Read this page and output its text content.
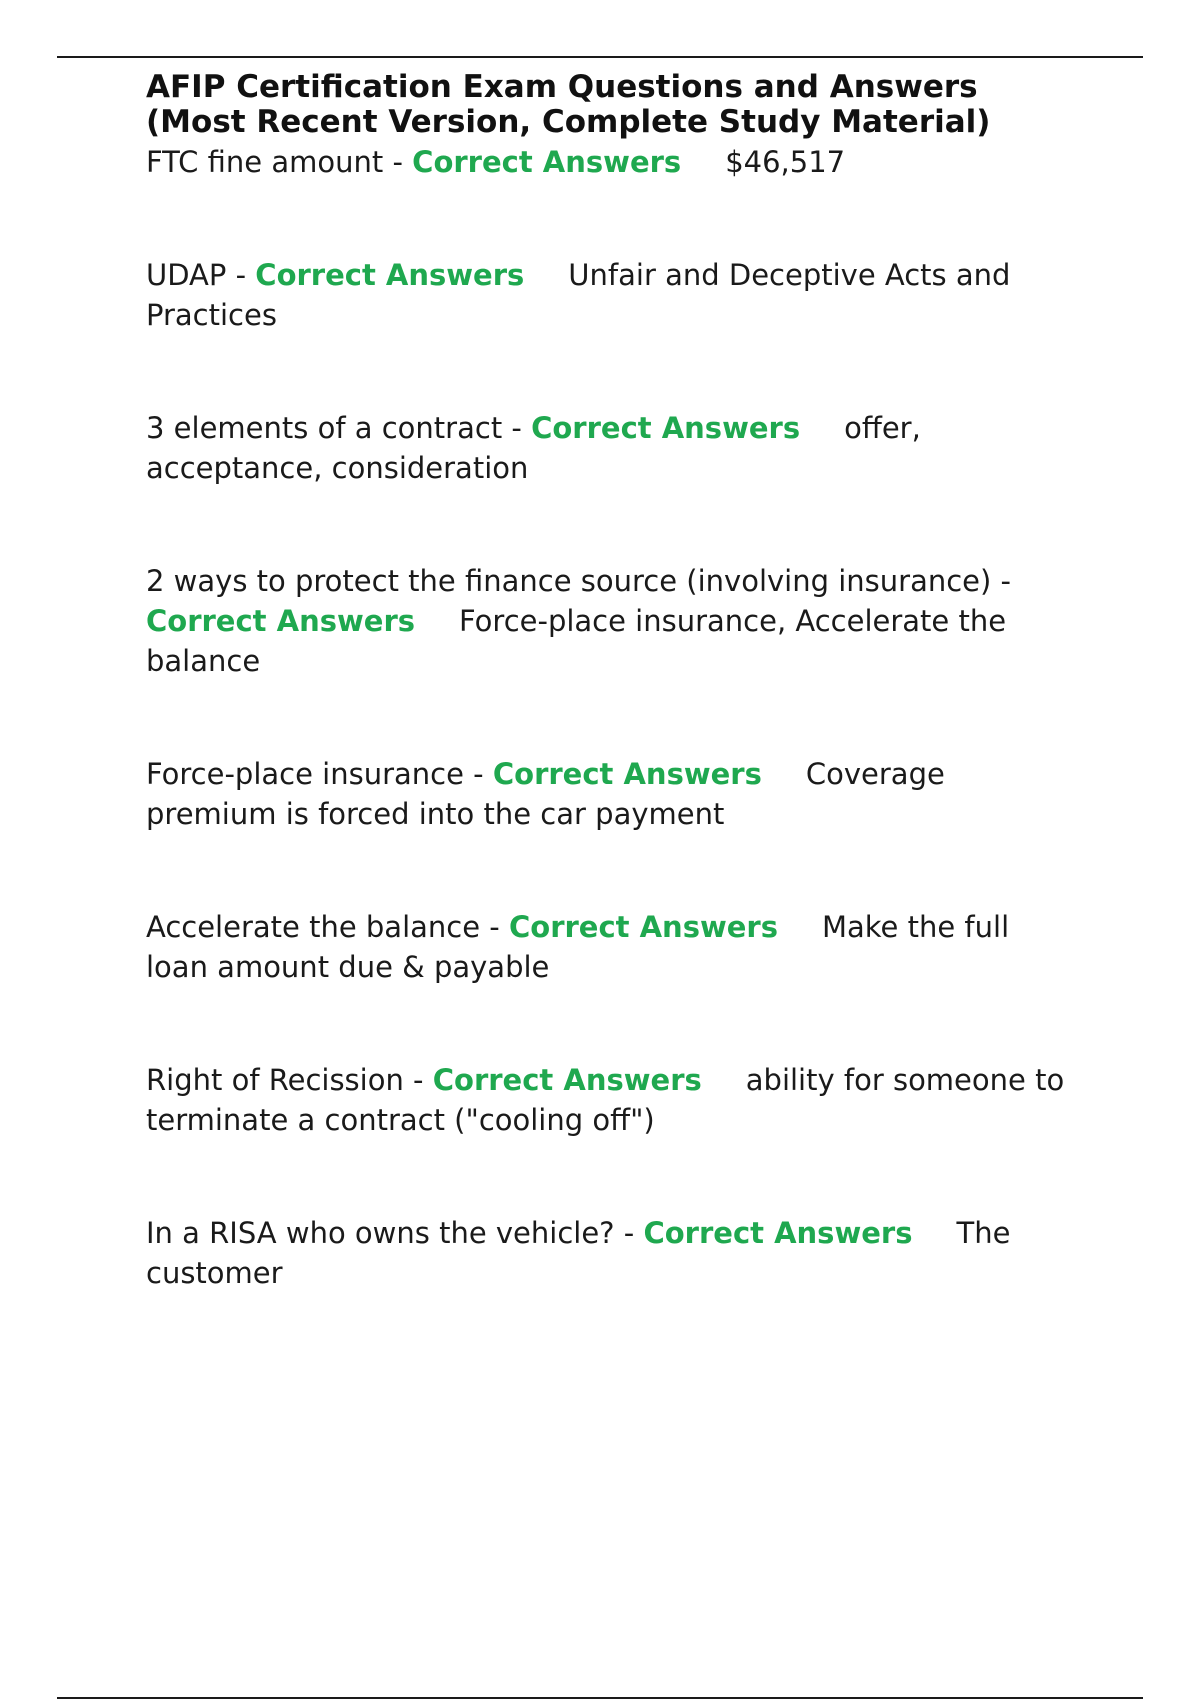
AFIP Certification Exam Questions and Answers (Most Recent Version, Complete Study Material)
FTC fine amount - Correct Answers $46,517
UDAP - Correct Answers Unfair and Deceptive Acts and Practices
3 elements of a contract - Correct Answers offer, acceptance, consideration
2 ways to protect the finance source (involving insurance) - Correct Answers Force-place insurance, Accelerate the balance
Force-place insurance - Correct Answers Coverage premium is forced into the car payment
Accelerate the balance - Correct Answers Make the full loan amount due & payable
Right of Recission - Correct Answers ability for someone to terminate a contract ("cooling off")
In a RISA who owns the vehicle? - Correct Answers The customer
